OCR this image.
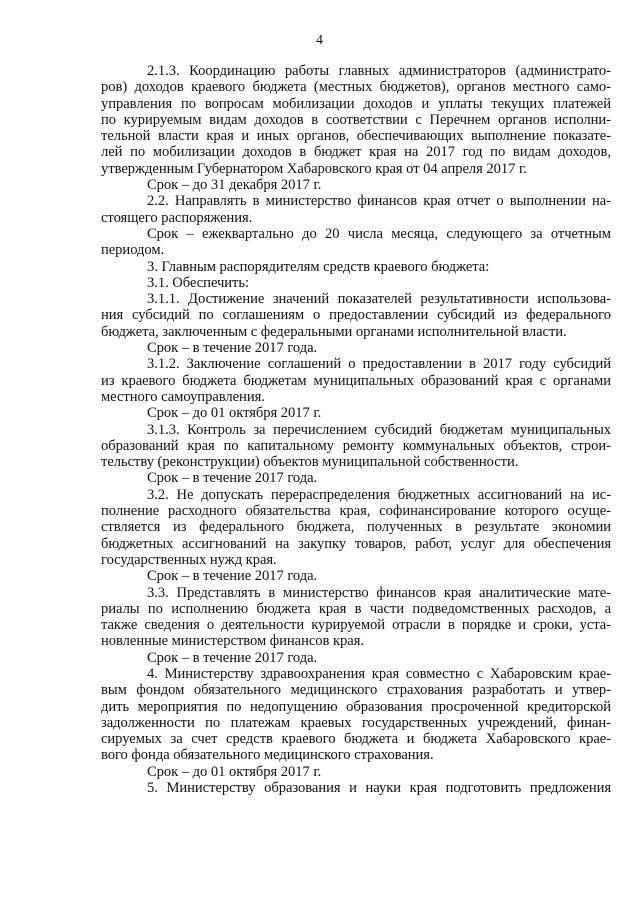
4
2.1.3. Координацию работы главных администраторов (администрато-
ров) доходов краевого бюджета (местных бюджетов), органов местного само-
управления по вопросам мобилизации доходов и уплаты текущих платежей
по курируемым видам доходов в соответствии с Перечнем органов исполни-
тельной власти края и иных органов, обеспечивающих выполнение показате-
лей по мобилизации доходов в бюджет края на 2017 год по видам доходов,
утвержденным Губернатором Хабаровского края от 04 апреля 2017 г.
Срок – до 31 декабря 2017 г.
2.2. Направлять в министерство финансов края отчет о выполнении на-
стоящего распоряжения.
Срок – ежеквартально до 20 числа месяца, следующего за отчетным
периодом.
3. Главным распорядителям средств краевого бюджета:
3.1. Обеспечить:
3.1.1. Достижение значений показателей результативности использова-
ния субсидий по соглашениям о предоставлении субсидий из федерального
бюджета, заключенным с федеральными органами исполнительной власти.
Срок – в течение 2017 года.
3.1.2. Заключение соглашений о предоставлении в 2017 году субсидий
из краевого бюджета бюджетам муниципальных образований края с органами
местного самоуправления.
Срок – до 01 октября 2017 г.
3.1.3. Контроль за перечислением субсидий бюджетам муниципальных
образований края по капитальному ремонту коммунальных объектов, строи-
тельству (реконструкции) объектов муниципальной собственности.
Срок – в течение 2017 года.
3.2. Не допускать перераспределения бюджетных ассигнований на ис-
полнение расходного обязательства края, софинансирование которого осуще-
ствляется из федерального бюджета, полученных в результате экономии
бюджетных ассигнований на закупку товаров, работ, услуг для обеспечения
государственных нужд края.
Срок – в течение 2017 года.
3.3. Представлять в министерство финансов края аналитические мате-
риалы по исполнению бюджета края в части подведомственных расходов, а
также сведения о деятельности курируемой отрасли в порядке и сроки, уста-
новленные министерством финансов края.
Срок – в течение 2017 года.
4. Министерству здравоохранения края совместно с Хабаровским крае-
вым фондом обязательного медицинского страхования разработать и утвер-
дить мероприятия по недопущению образования просроченной кредиторской
задолженности по платежам краевых государственных учреждений, финан-
сируемых за счет средств краевого бюджета и бюджета Хабаровского крае-
вого фонда обязательного медицинского страхования.
Срок – до 01 октября 2017 г.
5. Министерству образования и науки края подготовить предложения
